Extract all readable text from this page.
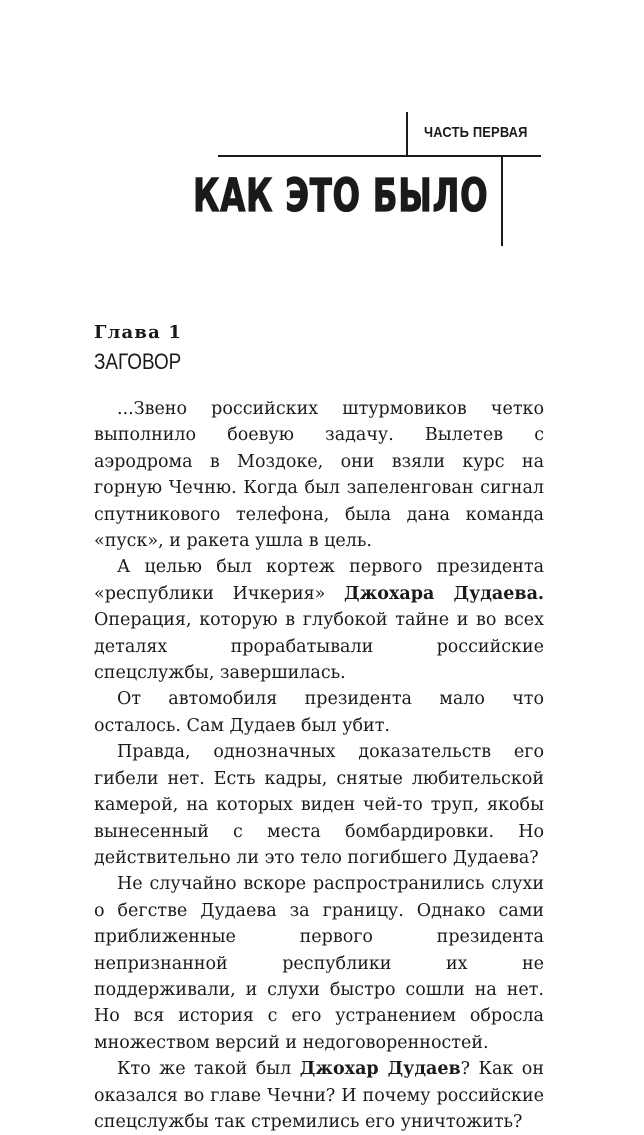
ЧАСТЬ ПЕРВАЯ
КАК ЭТО БЫЛО
Глава 1
ЗАГОВОР

...Звено российских штурмовиков четко выполнило боевую задачу. Вылетев с аэродрома в Моздоке, они взяли курс на горную Чечню. Когда был запеленгован сигнал спутникового телефона, была дана команда «пуск», и ракета ушла в цель.

А целью был кортеж первого президента «республики Ичкерия» Джохара Дудаева. Операция, которую в глубокой тайне и во всех деталях прорабатывали российские спецслужбы, завершилась.

От автомобиля президента мало что осталось. Сам Дудаев был убит.

Правда, однозначных доказательств его гибели нет. Есть кадры, снятые любительской камерой, на которых виден чей-то труп, якобы вынесенный с места бомбардировки. Но действительно ли это тело погибшего Дудаева?

Не случайно вскоре распространились слухи о бегстве Дудаева за границу. Однако сами приближенные первого президента непризнанной республики их не поддерживали, и слухи быстро сошли на нет. Но вся история с его устранением обросла множеством версий и недоговоренностей.

Кто же такой был Джохар Дудаев? Как он оказался во главе Чечни? И почему российские спецслужбы так стремились его уничтожить?
